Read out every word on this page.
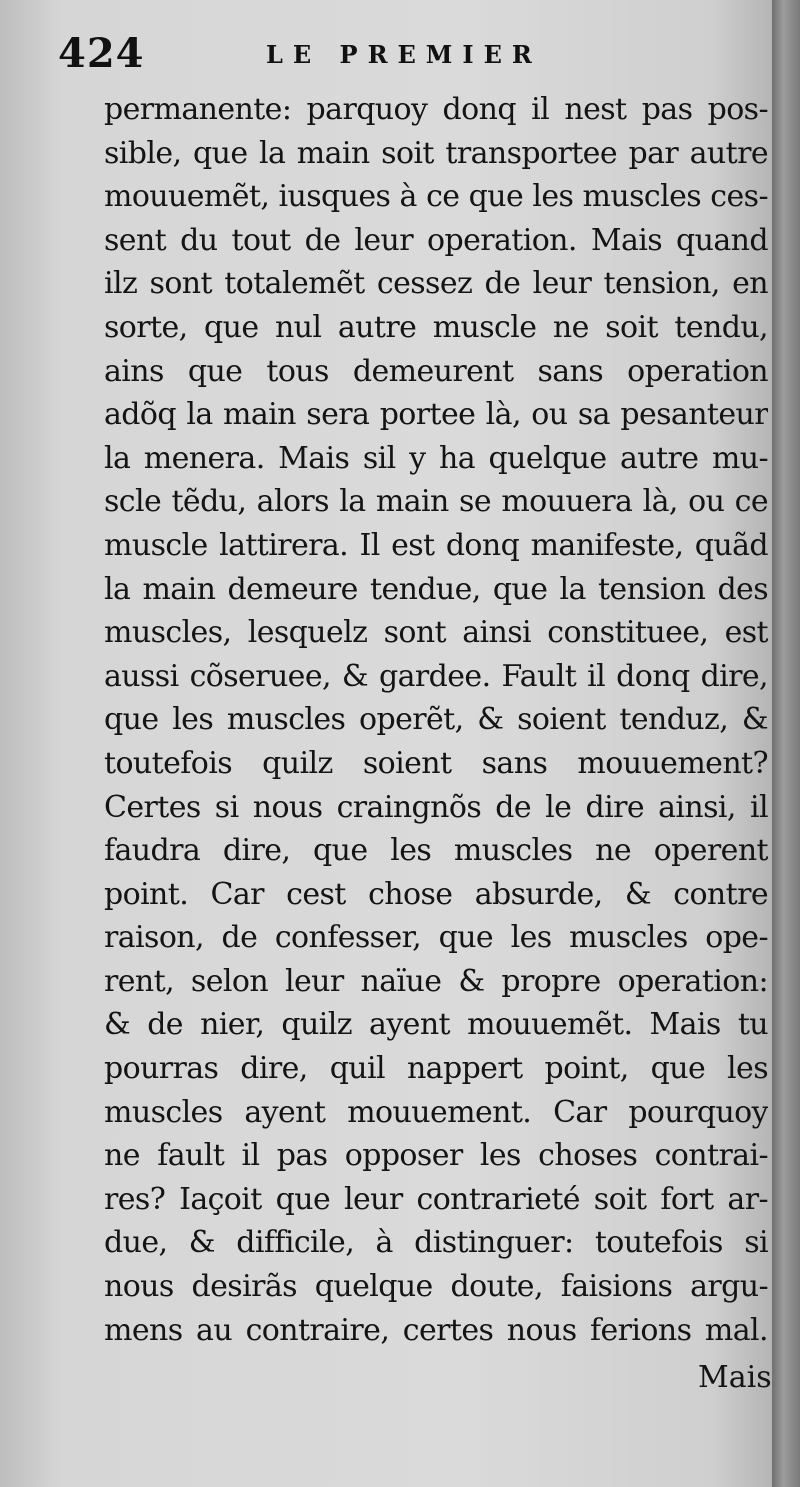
424	LE PREMIER
permanente: parquoy donq il nest pas pos-
sible, que la main soit transportee par autre
mouuemẽt, iusques à ce que les muscles ces-
sent du tout de leur operation. Mais quand
ilz sont totalemẽt cessez de leur tension, en
sorte, que nul autre muscle ne soit tendu,
ains que tous demeurent sans operation
adõq la main sera portee là, ou sa pesanteur
la menera. Mais sil y ha quelque autre mu-
scle tẽdu, alors la main se mouuera là, ou ce
muscle lattirera. Il est donq manifeste, quãd
la main demeure tendue, que la tension des
muscles, lesquelz sont ainsi constituee, est
aussi cõseruee, & gardee. Fault il donq dire,
que les muscles operẽt, & soient tenduz, &
toutefois quilz soient sans mouuement?
Certes si nous craingnõs de le dire ainsi, il
faudra dire, que les muscles ne operent
point. Car cest chose absurde, & contre
raison, de confesser, que les muscles ope-
rent, selon leur naïue & propre operation:
& de nier, quilz ayent mouuemẽt. Mais tu
pourras dire, quil nappert point, que les
muscles ayent mouuement. Car pourquoy
ne fault il pas opposer les choses contrai-
res? Iaçoit que leur contrarieté soit fort ar-
due, & difficile, à distinguer: toutefois si
nous desirãs quelque doute, faisions argu-
mens au contraire, certes nous ferions mal.
Mais
